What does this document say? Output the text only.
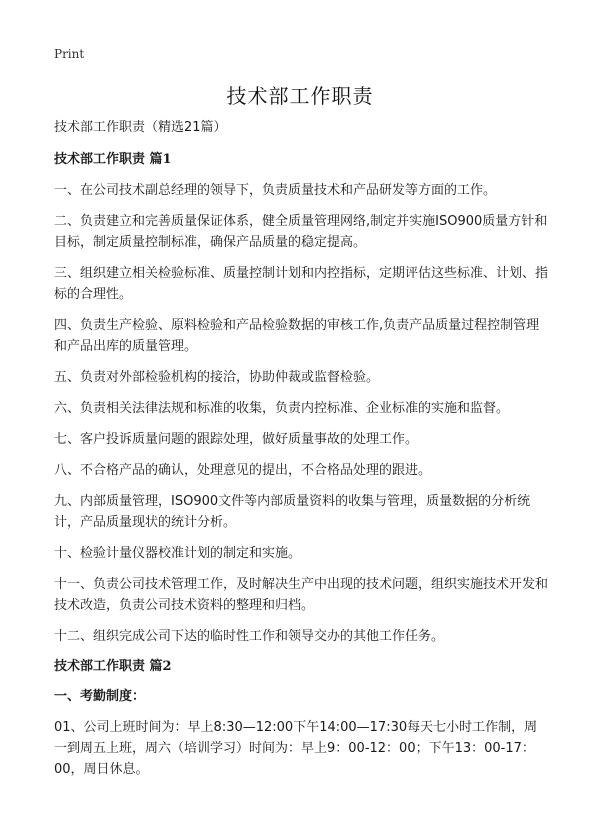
Print
技术部工作职责
技术部工作职责（精选21篇）
技术部工作职责 篇1

一、在公司技术副总经理的领导下，负责质量技术和产品研发等方面的工作。

二、负责建立和完善质量保证体系，健全质量管理网络,制定并实施ISO900质量方针和目标，制定质量控制标准，确保产品质量的稳定提高。

三、组织建立相关检验标准、质量控制计划和内控指标，定期评估这些标准、计划、指标的合理性。

四、负责生产检验、原料检验和产品检验数据的审核工作,负责产品质量过程控制管理和产品出库的质量管理。

五、负责对外部检验机构的接洽，协助仲裁或监督检验。

六、负责相关法律法规和标准的收集，负责内控标准、企业标准的实施和监督。

七、客户投诉质量问题的跟踪处理，做好质量事故的处理工作。

八、不合格产品的确认，处理意见的提出，不合格品处理的跟进。

九、内部质量管理，ISO900文件等内部质量资料的收集与管理，质量数据的分析统计，产品质量现状的统计分析。

十、检验计量仪器校准计划的制定和实施。

十一、负责公司技术管理工作，及时解决生产中出现的技术问题，组织实施技术开发和技术改造，负责公司技术资料的整理和归档。

十二、组织完成公司下达的临时性工作和领导交办的其他工作任务。

技术部工作职责 篇2
一、考勤制度：

01、公司上班时间为：早上8:30—12:00下午14:00—17:30每天七小时工作制，周一到周五上班，周六（培训学习）时间为：早上9：00-12：00；下午13：00-17：00，周日休息。
